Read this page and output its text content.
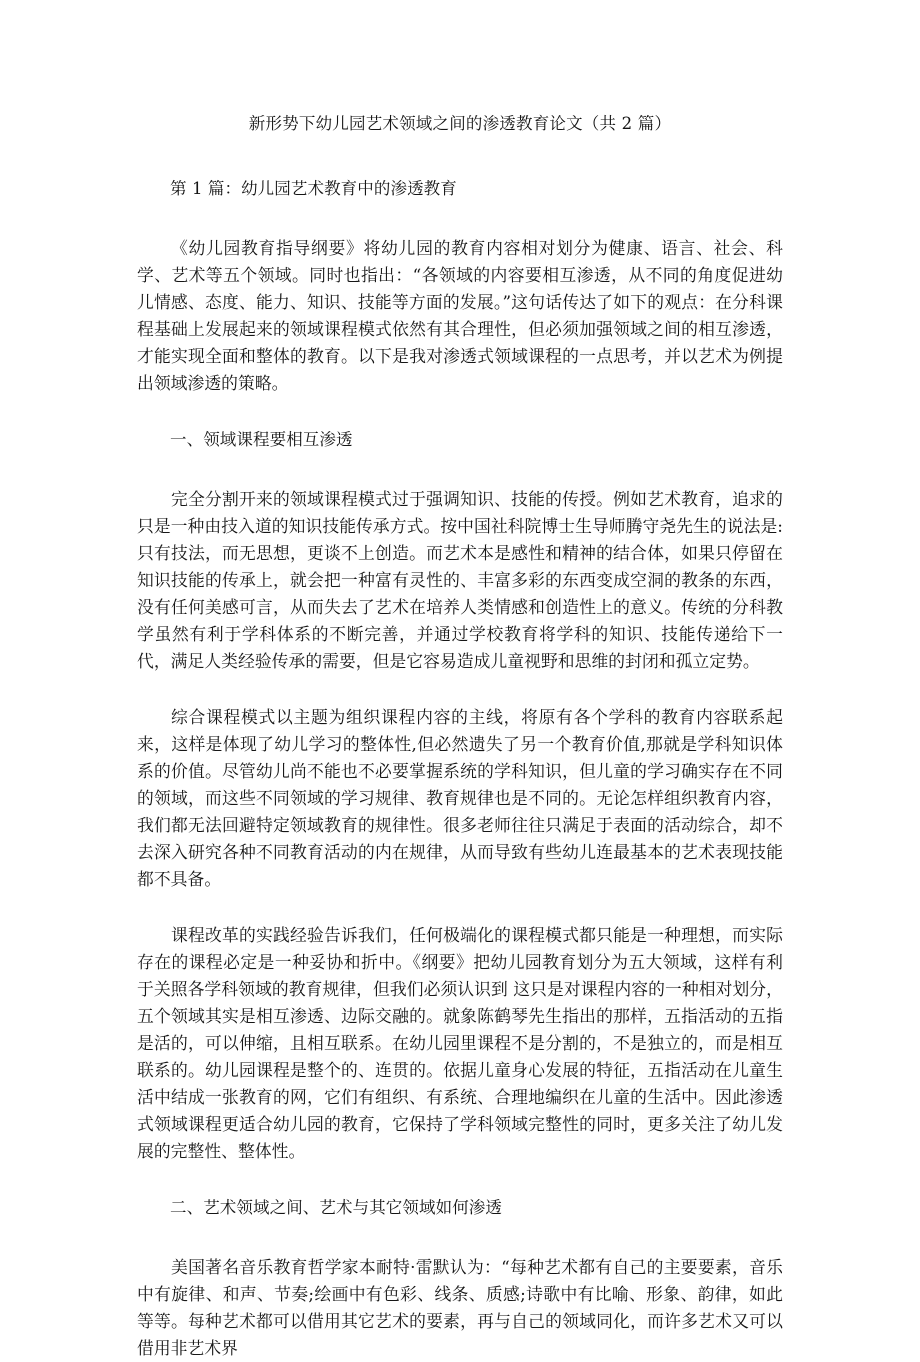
新形势下幼儿园艺术领域之间的渗透教育论文（共 2 篇）
第 1 篇：幼儿园艺术教育中的渗透教育

《幼儿园教育指导纲要》将幼儿园的教育内容相对划分为健康、语言、社会、科学、艺术等五个领域。同时也指出：“各领域的内容要相互渗透，从不同的角度促进幼儿情感、态度、能力、知识、技能等方面的发展。”这句话传达了如下的观点：在分科课程基础上发展起来的领域课程模式依然有其合理性，但必须加强领域之间的相互渗透，才能实现全面和整体的教育。以下是我对渗透式领域课程的一点思考，并以艺术为例提出领域渗透的策略。

一、领域课程要相互渗透

完全分割开来的领域课程模式过于强调知识、技能的传授。例如艺术教育，追求的只是一种由技入道的知识技能传承方式。按中国社科院博士生导师腾守尧先生的说法是: 只有技法，而无思想，更谈不上创造。而艺术本是感性和精神的结合体，如果只停留在知识技能的传承上，就会把一种富有灵性的、丰富多彩的东西变成空洞的教条的东西，没有任何美感可言，从而失去了艺术在培养人类情感和创造性上的意义。传统的分科教学虽然有利于学科体系的不断完善，并通过学校教育将学科的知识、技能传递给下一代，满足人类经验传承的需要，但是它容易造成儿童视野和思维的封闭和孤立定势。

综合课程模式以主题为组织课程内容的主线，将原有各个学科的教育内容联系起来，这样是体现了幼儿学习的整体性,但必然遗失了另一个教育价值,那就是学科知识体系的价值。尽管幼儿尚不能也不必要掌握系统的学科知识，但儿童的学习确实存在不同的领域，而这些不同领域的学习规律、教育规律也是不同的。无论怎样组织教育内容，我们都无法回避特定领域教育的规律性。很多老师往往只满足于表面的活动综合，却不去深入研究各种不同教育活动的内在规律，从而导致有些幼儿连最基本的艺术表现技能都不具备。

课程改革的实践经验告诉我们，任何极端化的课程模式都只能是一种理想，而实际存在的课程必定是一种妥协和折中。《纲要》把幼儿园教育划分为五大领域，这样有利于关照各学科领域的教育规律，但我们必须认识到 这只是对课程内容的一种相对划分，五个领域其实是相互渗透、边际交融的。就象陈鹤琴先生指出的那样，五指活动的五指是活的，可以伸缩，且相互联系。在幼儿园里课程不是分割的，不是独立的，而是相互联系的。幼儿园课程是整个的、连贯的。依据儿童身心发展的特征，五指活动在儿童生活中结成一张教育的网，它们有组织、有系统、合理地编织在儿童的生活中。因此渗透式领域课程更适合幼儿园的教育，它保持了学科领域完整性的同时，更多关注了幼儿发展的完整性、整体性。

二、艺术领域之间、艺术与其它领域如何渗透

美国著名音乐教育哲学家本耐特·雷默认为：“每种艺术都有自己的主要要素，音乐中有旋律、和声、节奏;绘画中有色彩、线条、质感;诗歌中有比喻、形象、韵律，如此等等。每种艺术都可以借用其它艺术的要素，再与自己的领域同化，而许多艺术又可以借用非艺术界
